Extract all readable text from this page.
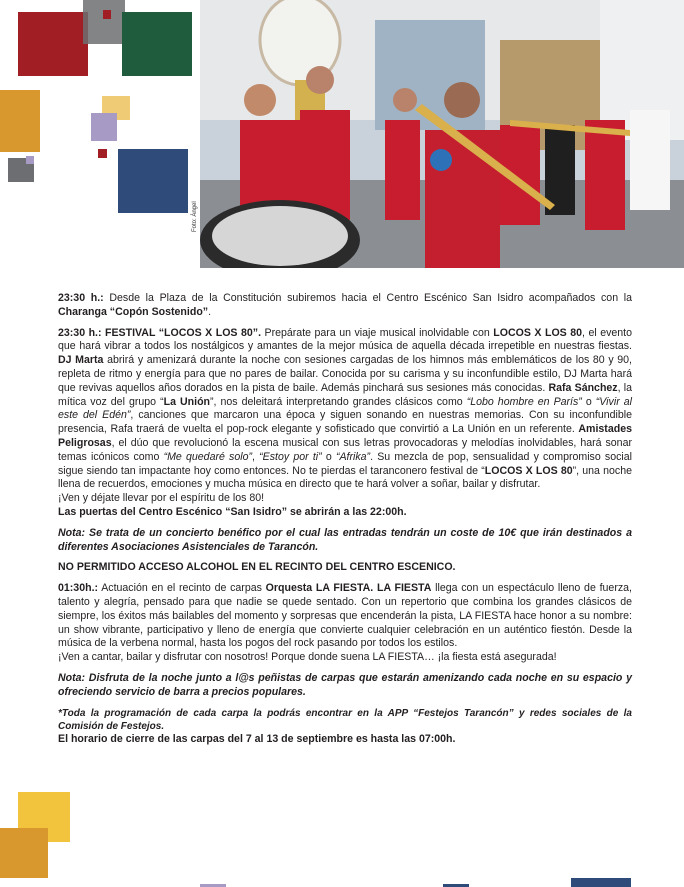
Foto: Ángel

23:30 h.: Desde la Plaza de la Constitución subiremos hacia el Centro Escénico San Isidro acompañados con la Charanga “Copón Sostenido”.

23:30 h.: FESTIVAL “LOCOS X LOS 80”. Prepárate para un viaje musical inolvidable con LOCOS X LOS 80, el evento que hará vibrar a todos los nostálgicos y amantes de la mejor música de aquella década irrepetible en nuestras fiestas. DJ Marta abrirá y amenizará durante la noche con sesiones cargadas de los himnos más emblemáticos de los 80 y 90, repleta de ritmo y energía para que no pares de bailar. Conocida por su carisma y su inconfundible estilo, DJ Marta hará que revivas aquellos años dorados en la pista de baile. Además pinchará sus sesiones más conocidas. Rafa Sánchez, la mítica voz del grupo “La Unión”, nos deleitará interpretando grandes clásicos como “Lobo hombre en París” o “Vivir al este del Edén”, canciones que marcaron una época y siguen sonando en nuestras memorias. Con su inconfundible presencia, Rafa traerá de vuelta el pop-rock elegante y sofisticado que convirtió a La Unión en un referente. Amistades Peligrosas, el dúo que revolucionó la escena musical con sus letras provocadoras y melodías inolvidables, hará sonar temas icónicos como “Me quedaré solo”, “Estoy por ti” o “Afrika”. Su mezcla de pop, sensualidad y compromiso social sigue siendo tan impactante hoy como entonces. No te pierdas el taranconero festival de “LOCOS X LOS 80”, una noche llena de recuerdos, emociones y mucha música en directo que te hará volver a soñar, bailar y disfrutar.

¡Ven y déjate llevar por el espíritu de los 80!

Las puertas del Centro Escénico “San Isidro” se abrirán a las 22:00h.

Nota: Se trata de un concierto benéfico por el cual las entradas tendrán un coste de 10€ que irán destinados a diferentes Asociaciones Asistenciales de Tarancón.

NO PERMITIDO ACCESO ALCOHOL EN EL RECINTO DEL CENTRO ESCENICO.

01:30h.: Actuación en el recinto de carpas Orquesta LA FIESTA. LA FIESTA llega con un espectáculo lleno de fuerza, talento y alegría, pensado para que nadie se quede sentado. Con un repertorio que combina los grandes clásicos de siempre, los éxitos más bailables del momento y sorpresas que encenderán la pista, LA FIESTA hace honor a su nombre: un show vibrante, participativo y lleno de energía que convierte cualquier celebración en un auténtico fiestón. Desde la música de la verbena normal, hasta los pogos del rock pasando por todos los estilos.

¡Ven a cantar, bailar y disfrutar con nosotros! Porque donde suena LA FIESTA… ¡la fiesta está asegurada!

Nota: Disfruta de la noche junto a l@s peñistas de carpas que estarán amenizando cada noche en su espacio y ofreciendo servicio de barra a precios populares.

*Toda la programación de cada carpa la podrás encontrar en la APP “Festejos Tarancón” y redes sociales de la Comisión de Festejos.

El horario de cierre de las carpas del 7 al 13 de septiembre es hasta las 07:00h.
